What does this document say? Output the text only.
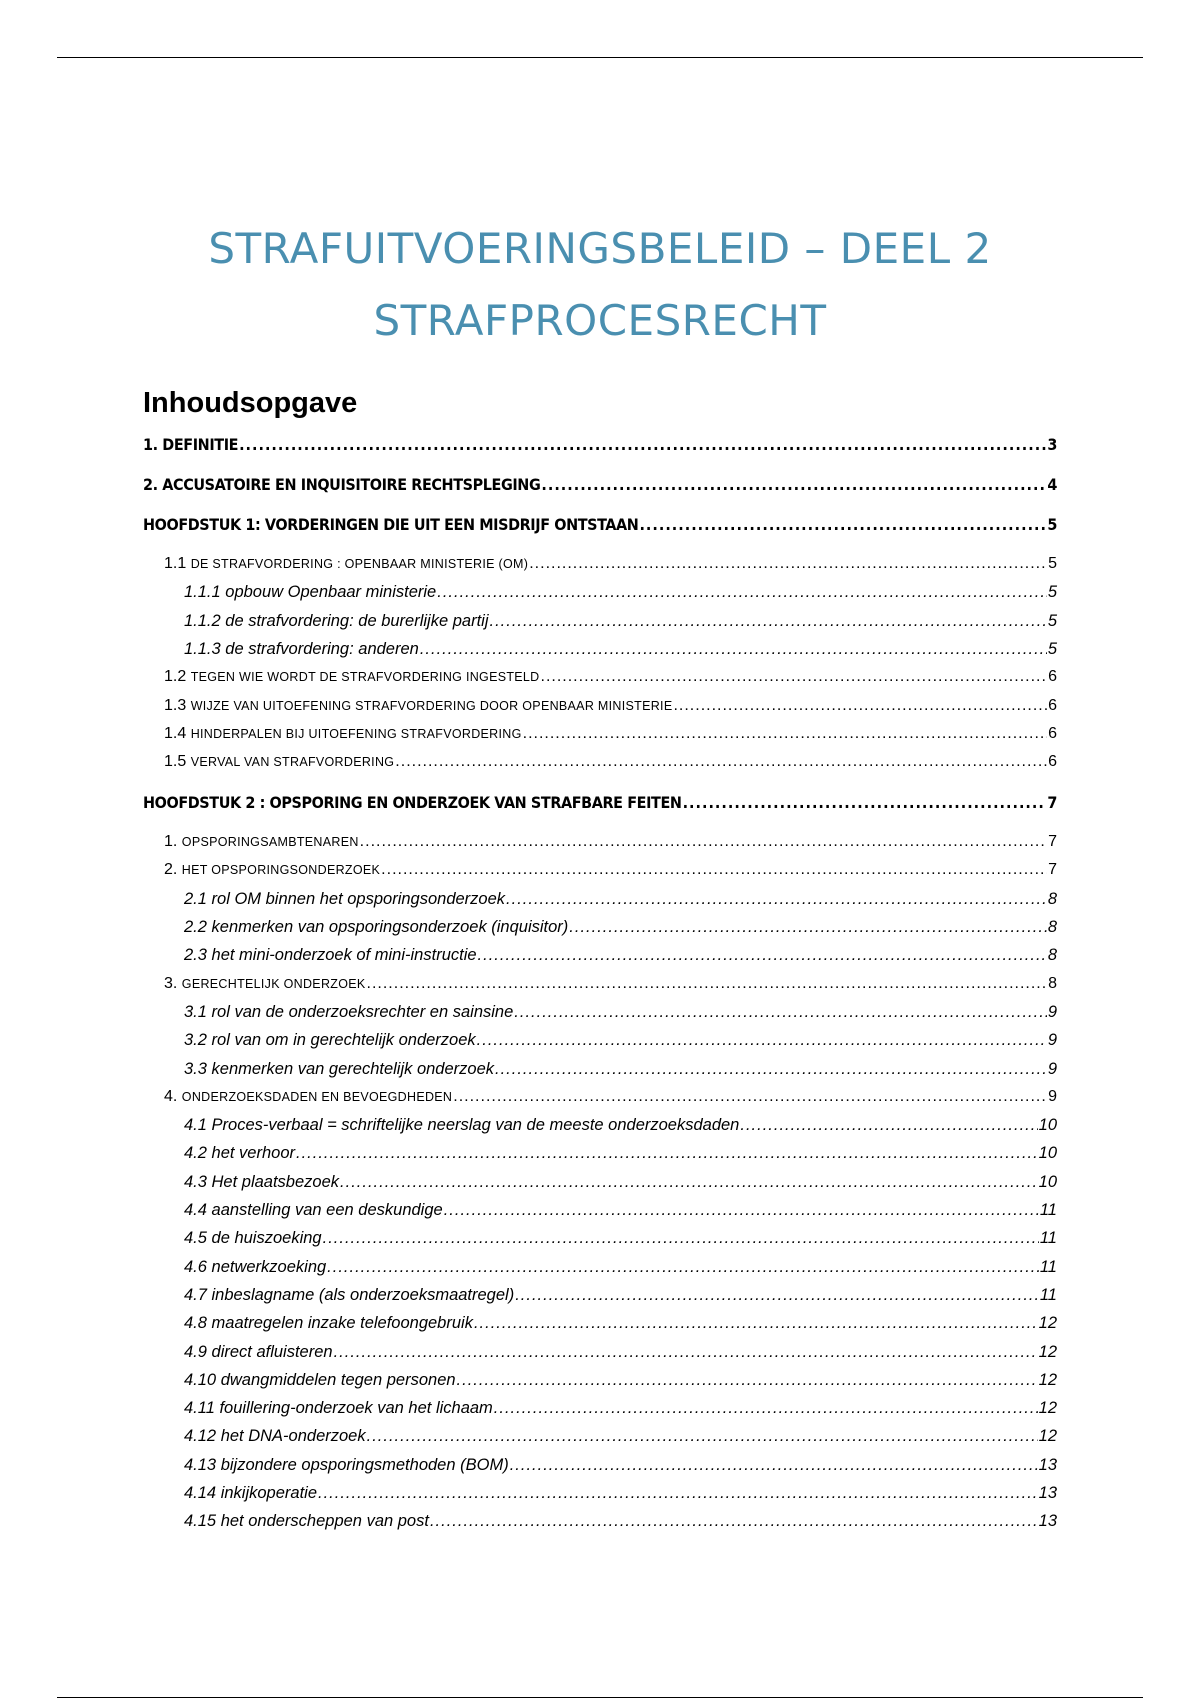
STRAFUITVOERINGSBELEID – DEEL 2
STRAFPROCESRECHT
Inhoudsopgave
1. DEFINITIE .....	3
2. ACCUSATOIRE EN INQUISITOIRE RECHTSPLEGING .....	4
HOOFDSTUK 1: VORDERINGEN DIE UIT EEN MISDRIJF ONTSTAAN .....	5
1.1 DE STRAFVORDERING : OPENBAAR MINISTERIE (OM) .....	5
1.1.1 opbouw Openbaar ministerie .....	5
1.1.2 de strafvordering: de burerlijke partij .....	5
1.1.3 de strafvordering: anderen .....	5
1.2 TEGEN WIE WORDT DE STRAFVORDERING INGESTELD .....	6
1.3 WIJZE VAN UITOEFENING STRAFVORDERING DOOR OPENBAAR MINISTERIE .....	6
1.4 HINDERPALEN BIJ UITOEFENING STRAFVORDERING .....	6
1.5 VERVAL VAN STRAFVORDERING .....	6
HOOFDSTUK 2 : OPSPORING EN ONDERZOEK VAN STRAFBARE FEITEN .....	7
1. OPSPORINGSAMBTENAREN .....	7
2. HET OPSPORINGSONDERZOEK .....	7
2.1 rol OM binnen het opsporingsonderzoek .....	8
2.2 kenmerken van opsporingsonderzoek (inquisitor) .....	8
2.3 het mini-onderzoek of mini-instructie .....	8
3. GERECHTELIJK ONDERZOEK .....	8
3.1 rol van de onderzoeksrechter en sainsine .....	9
3.2 rol van om in gerechtelijk onderzoek .....	9
3.3 kenmerken van gerechtelijk onderzoek .....	9
4. ONDERZOEKSDADEN EN BEVOEGDHEDEN .....	9
4.1 Proces-verbaal = schriftelijke neerslag van de meeste onderzoeksdaden .....	10
4.2 het verhoor .....	10
4.3 Het plaatsbezoek .....	10
4.4 aanstelling van een deskundige .....	11
4.5 de huiszoeking .....	11
4.6 netwerkzoeking .....	11
4.7 inbeslagname (als onderzoeksmaatregel) .....	11
4.8 maatregelen inzake telefoongebruik .....	12
4.9 direct afluisteren .....	12
4.10 dwangmiddelen tegen personen .....	12
4.11 fouillering-onderzoek van het lichaam .....	12
4.12 het DNA-onderzoek .....	12
4.13 bijzondere opsporingsmethoden (BOM) .....	13
4.14 inkijkoperatie .....	13
4.15 het onderscheppen van post .....	13
